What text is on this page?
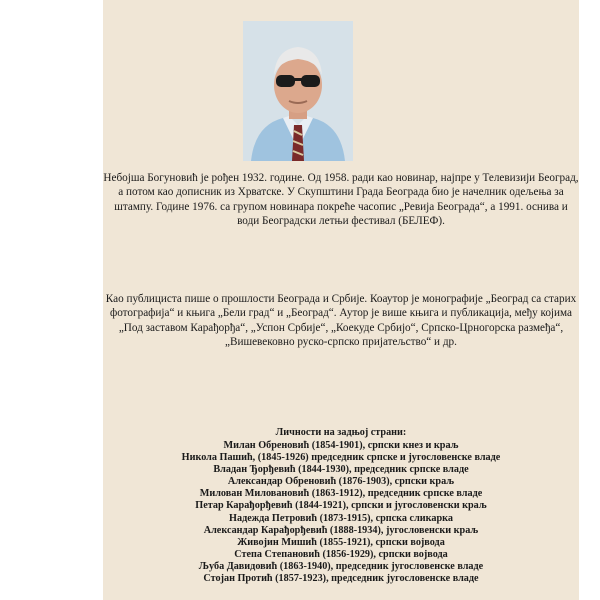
Небојша Богуновић је рођен 1932. године. Од 1958. ради као новинар, најпре у Телевизији Београд, а потом као дописник из Хрватске. У Скупштини Града Београда био је начелник одељења за штампу. Године 1976. са групом новинара покреће часопис „Ревија Београда“, а 1991. оснива и води Београдски летњи фестивал (БЕЛЕФ).

Као публициста пише о прошлости Београда и Србије. Коаутор је монографије „Београд са старих фотографија“ и књига „Бели град“ и „Београд“. Аутор је више књига и публикација, међу којима „Под заставом Карађорђа“, „Успон Србије“, „Коекуде Србијо“, Српско-Црногорска размеђа“, „Вишевековно руско-српско пријатељство“ и др.

Личности на задњој страни:
Милан Обреновић (1854-1901), српски кнез и краљ
Никола Пашић, (1845-1926) председник српске и југословенске владе
Владан Ђорђевић (1844-1930), председник српске владе
Александар Обреновић (1876-1903), српски краљ
Милован Миловановић (1863-1912), председник српске владе
Петар Карађорђевић (1844-1921), српски и југословенски краљ
Надежда Петровић (1873-1915), српска сликарка
Александар Карађорђевић (1888-1934), југословенски краљ
Живојин Мишић (1855-1921), српски војвода
Степа Степановић (1856-1929), српски војвода
Љуба Давидовић (1863-1940), председник југословенске владе
Стојан Протић (1857-1923), председник југословенске владе
